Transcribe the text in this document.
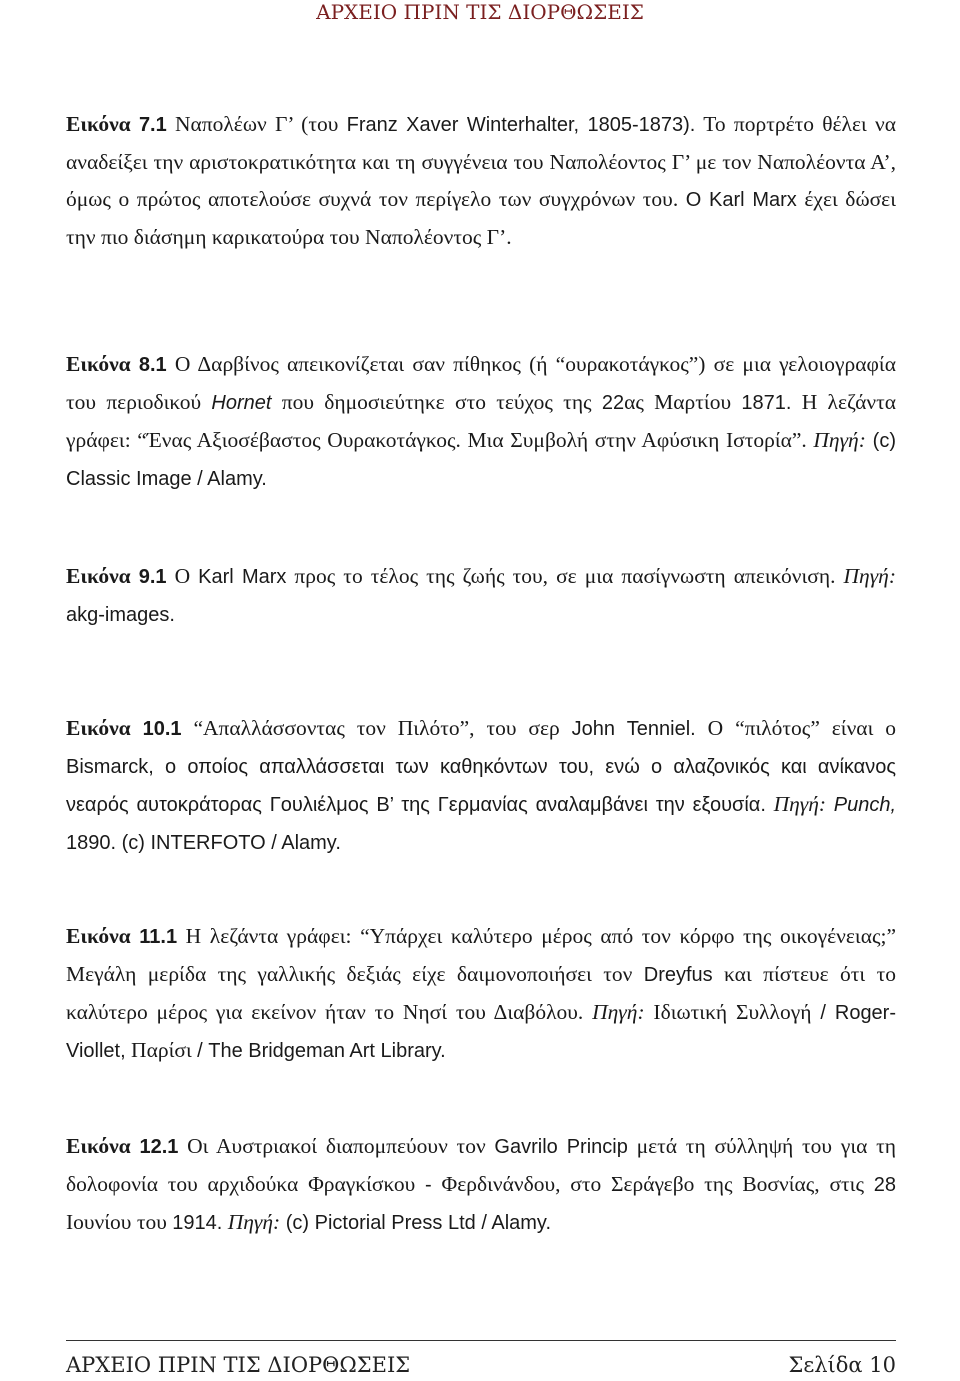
ΑΡΧΕΙΟ ΠΡΙΝ ΤΙΣ ΔΙΟΡΘΩΣΕΙΣ

Εικόνα 7.1 Ναπολέων Γ’ (του Franz Xaver Winterhalter, 1805-1873). Το πορτρέτο θέλει να αναδείξει την αριστοκρατικότητα και τη συγγένεια του Ναπολέοντος Γ’ με τον Ναπολέοντα Α’, όμως ο πρώτος αποτελούσε συχνά τον περίγελο των συγχρόνων του. Ο Karl Marx έχει δώσει την πιο διάσημη καρικατούρα του Ναπολέοντος Γ’.

Εικόνα 8.1 Ο Δαρβίνος απεικονίζεται σαν πίθηκος (ή “ουρακοτάγκος”) σε μια γελοιογραφία του περιοδικού Hornet που δημοσιεύτηκε στο τεύχος της 22ας Μαρτίου 1871. Η λεζάντα γράφει: “Ένας Αξιοσέβαστος Ουρακοτάγκος. Μια Συμβολή στην Αφύσικη Ιστορία”. Πηγή: (c) Classic Image / Alamy.

Εικόνα 9.1 Ο Karl Marx προς το τέλος της ζωής του, σε μια πασίγνωστη απεικόνιση. Πηγή: akg-images.

Εικόνα 10.1 “Απαλλάσσοντας τον Πιλότο”, του σερ John Tenniel. Ο “πιλότος” είναι ο Bismarck, ο οποίος απαλλάσσεται των καθηκόντων του, ενώ ο αλαζονικός και ανίκανος νεαρός αυτοκράτορας Γουλιέλμος Β’ της Γερμανίας αναλαμβάνει την εξουσία. Πηγή: Punch, 1890. (c) INTERFOTO / Alamy.

Εικόνα 11.1 Η λεζάντα γράφει: “Υπάρχει καλύτερο μέρος από τον κόρφο της οικογένειας;” Μεγάλη μερίδα της γαλλικής δεξιάς είχε δαιμονοποιήσει τον Dreyfus και πίστευε ότι το καλύτερο μέρος για εκείνον ήταν το Νησί του Διαβόλου. Πηγή: Ιδιωτική Συλλογή / Roger-Viollet, Παρίσι / The Bridgeman Art Library.

Εικόνα 12.1 Οι Αυστριακοί διαπομπεύουν τον Gavrilo Princip μετά τη σύλληψή του για τη δολοφονία του αρχιδούκα Φραγκίσκου - Φερδινάνδου, στο Σεράγεβο της Βοσνίας, στις 28 Ιουνίου του 1914. Πηγή: (c) Pictorial Press Ltd / Alamy.

ΑΡΧΕΙΟ ΠΡΙΝ ΤΙΣ ΔΙΟΡΘΩΣΕΙΣ	Σελίδα 10
